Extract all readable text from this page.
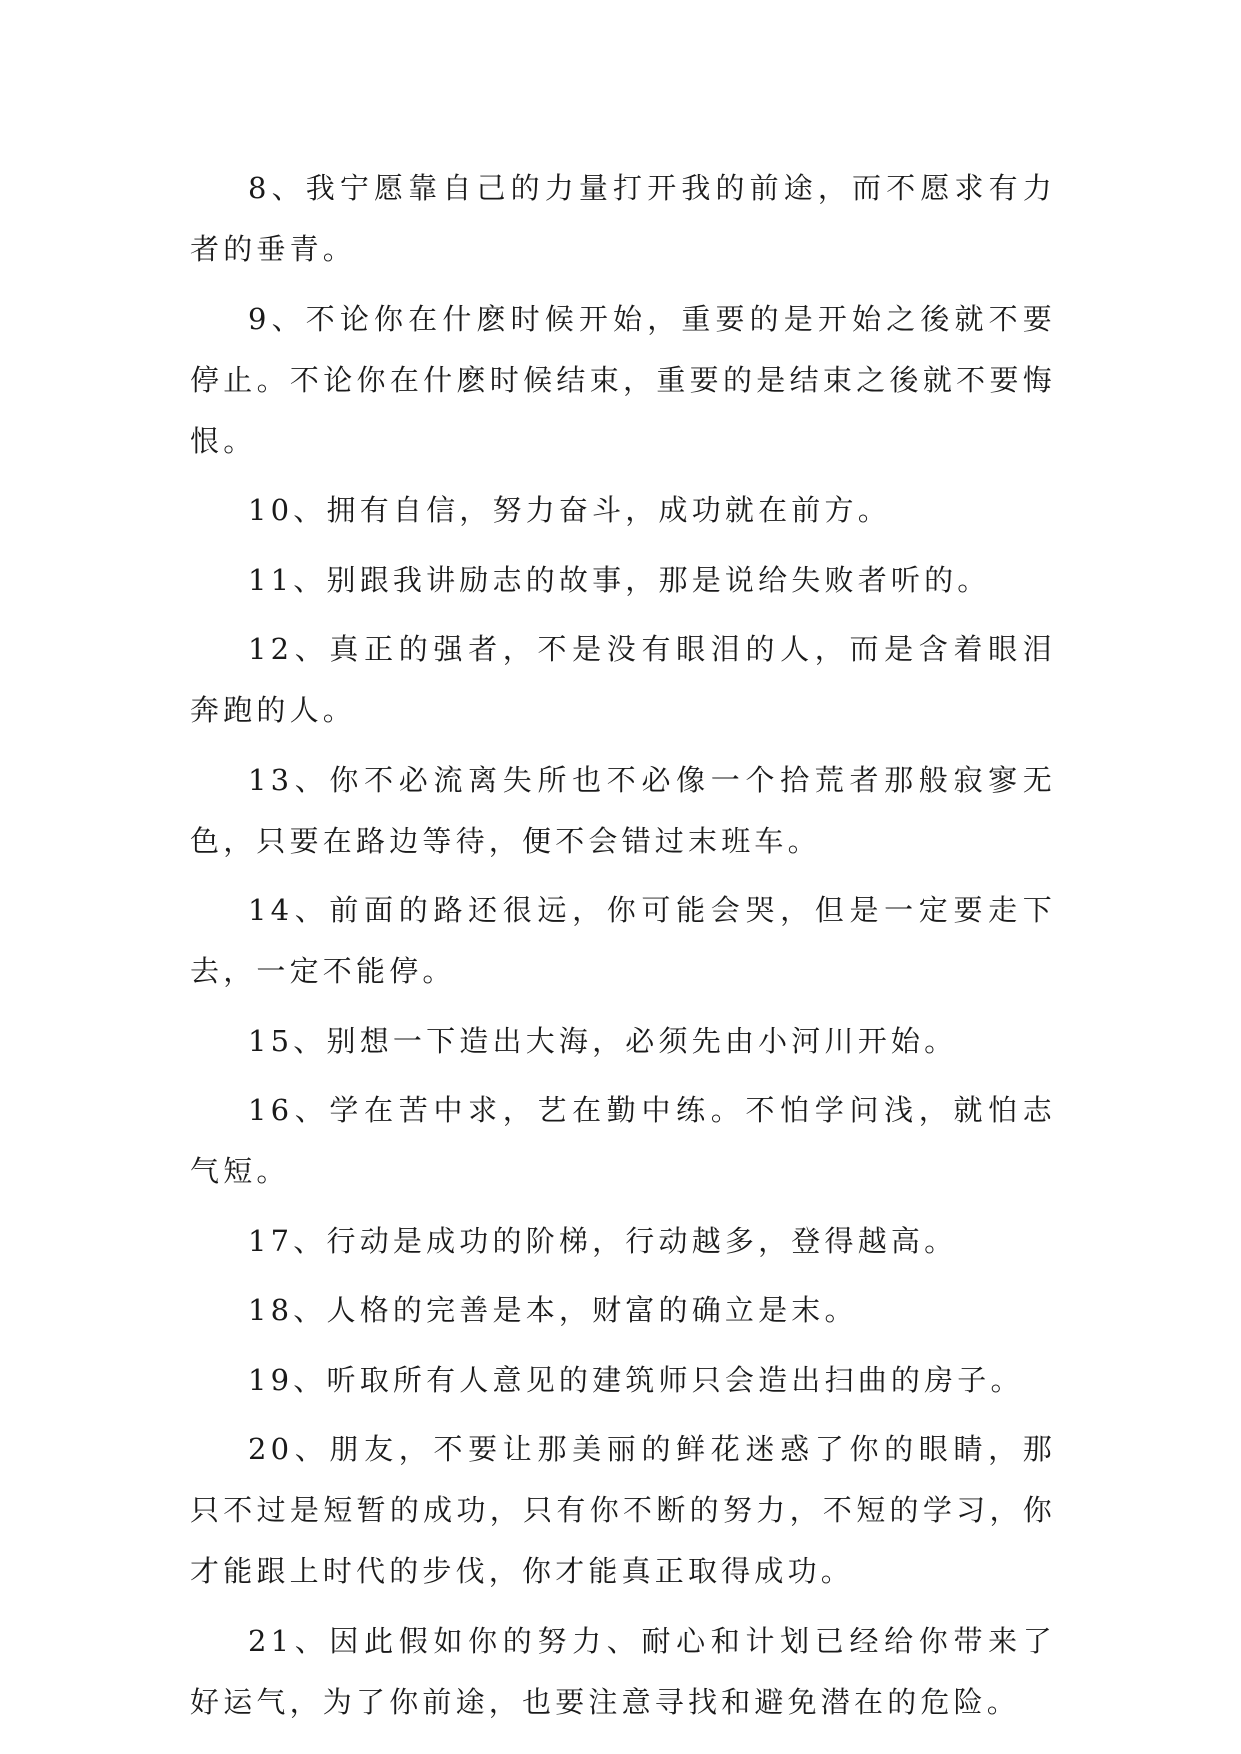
8、我宁愿靠自己的力量打开我的前途，而不愿求有力者的垂青。

9、不论你在什麽时候开始，重要的是开始之後就不要停止。不论你在什麽时候结束，重要的是结束之後就不要悔恨。

10、拥有自信，努力奋斗，成功就在前方。

11、别跟我讲励志的故事，那是说给失败者听的。

12、真正的强者，不是没有眼泪的人，而是含着眼泪奔跑的人。

13、你不必流离失所也不必像一个拾荒者那般寂寥无色，只要在路边等待，便不会错过末班车。

14、前面的路还很远，你可能会哭，但是一定要走下去，一定不能停。

15、别想一下造出大海，必须先由小河川开始。

16、学在苦中求，艺在勤中练。不怕学问浅，就怕志气短。

17、行动是成功的阶梯，行动越多，登得越高。

18、人格的完善是本，财富的确立是末。

19、听取所有人意见的建筑师只会造出扫曲的房子。

20、朋友，不要让那美丽的鲜花迷惑了你的眼睛，那只不过是短暂的成功，只有你不断的努力，不短的学习，你才能跟上时代的步伐，你才能真正取得成功。

21、因此假如你的努力、耐心和计划已经给你带来了好运气，为了你前途，也要注意寻找和避免潜在的危险。
